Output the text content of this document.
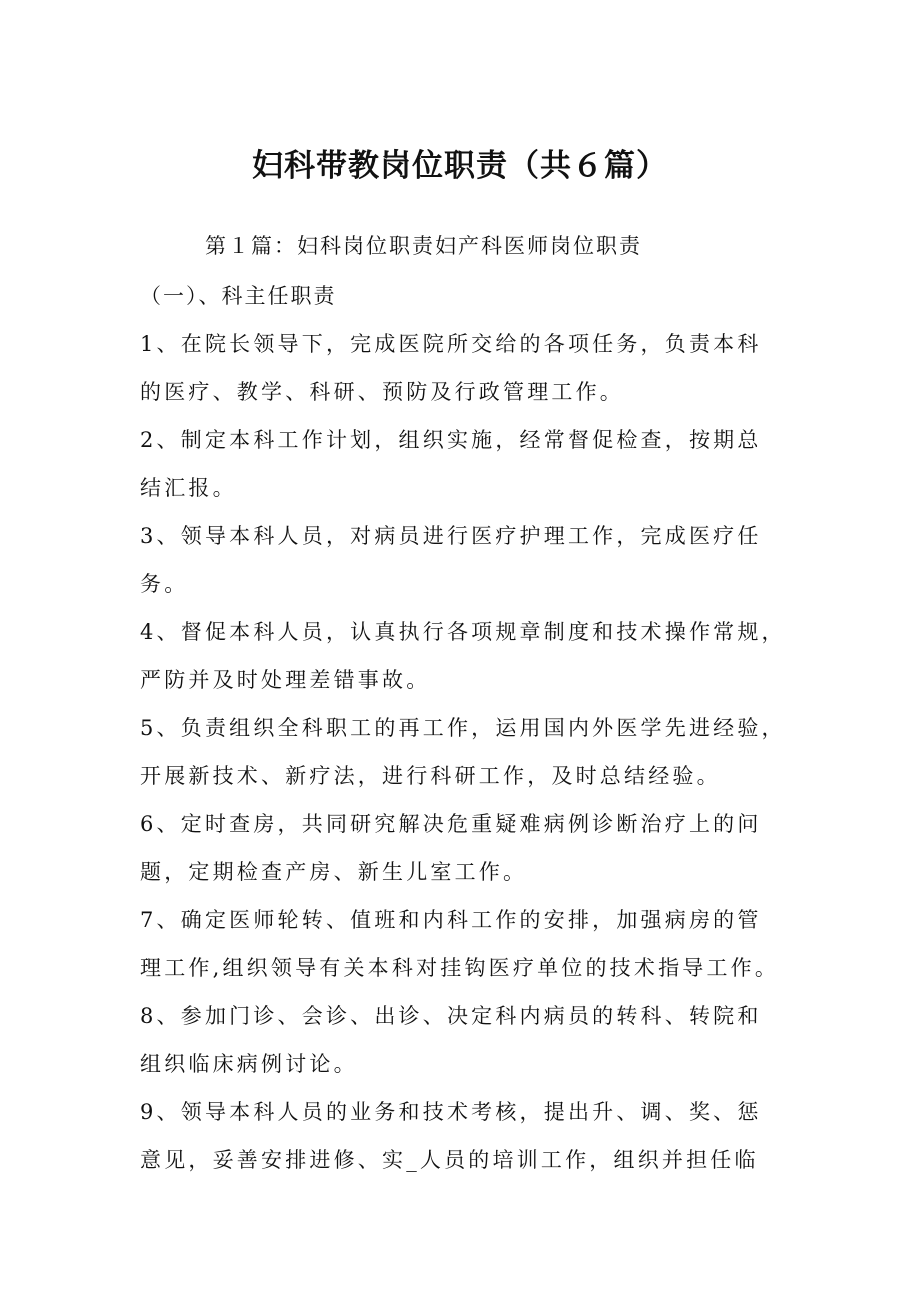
妇科带教岗位职责（共６篇）
第１篇：妇科岗位职责妇产科医师岗位职责
（一）、科主任职责
1、在院长领导下，完成医院所交给的各项任务，负责本科
的医疗、教学、科研、预防及行政管理工作。
2、制定本科工作计划，组织实施，经常督促检查，按期总
结汇报。
3、领导本科人员，对病员进行医疗护理工作，完成医疗任
务。
4、督促本科人员，认真执行各项规章制度和技术操作常规，
严防并及时处理差错事故。
5、负责组织全科职工的再工作，运用国内外医学先进经验，
开展新技术、新疗法，进行科研工作，及时总结经验。
6、定时查房，共同研究解决危重疑难病例诊断治疗上的问
题，定期检查产房、新生儿室工作。
7、确定医师轮转、值班和内科工作的安排，加强病房的管
理工作,组织领导有关本科对挂钩医疗单位的技术指导工作。
8、参加门诊、会诊、出诊、决定科内病员的转科、转院和
组织临床病例讨论。
9、领导本科人员的业务和技术考核，提出升、调、奖、惩
意见，妥善安排进修、实_人员的培训工作，组织并担任临
